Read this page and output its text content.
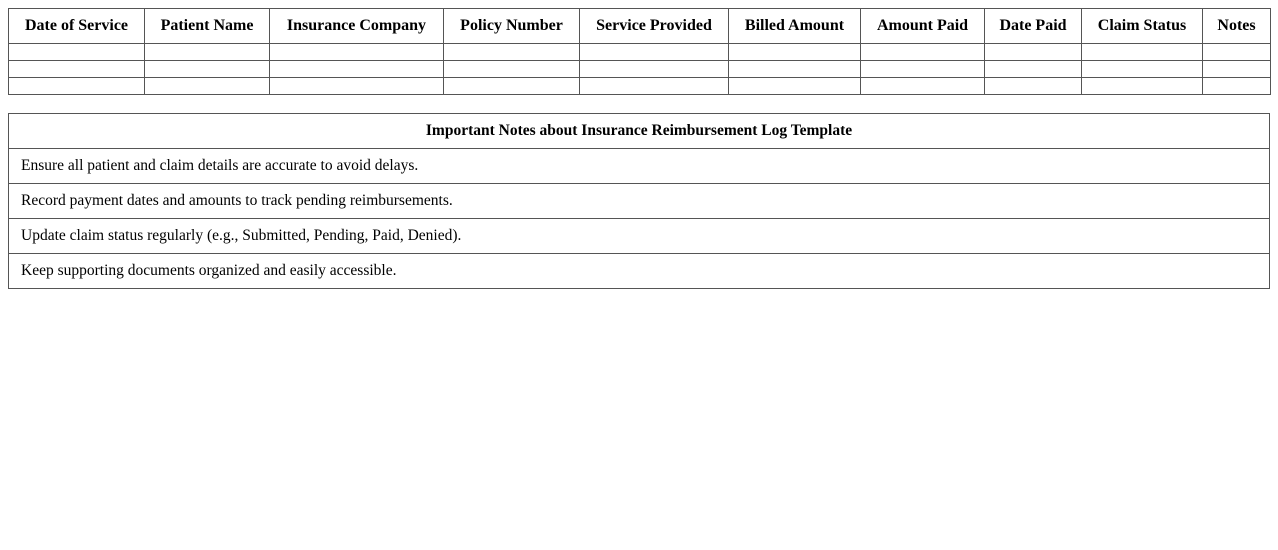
Date of Service	Patient Name	Insurance Company	Policy Number	Service Provided	Billed Amount	Amount Paid	Date Paid	Claim Status	Notes

Important Notes about Insurance Reimbursement Log Template
Ensure all patient and claim details are accurate to avoid delays.
Record payment dates and amounts to track pending reimbursements.
Update claim status regularly (e.g., Submitted, Pending, Paid, Denied).
Keep supporting documents organized and easily accessible.
